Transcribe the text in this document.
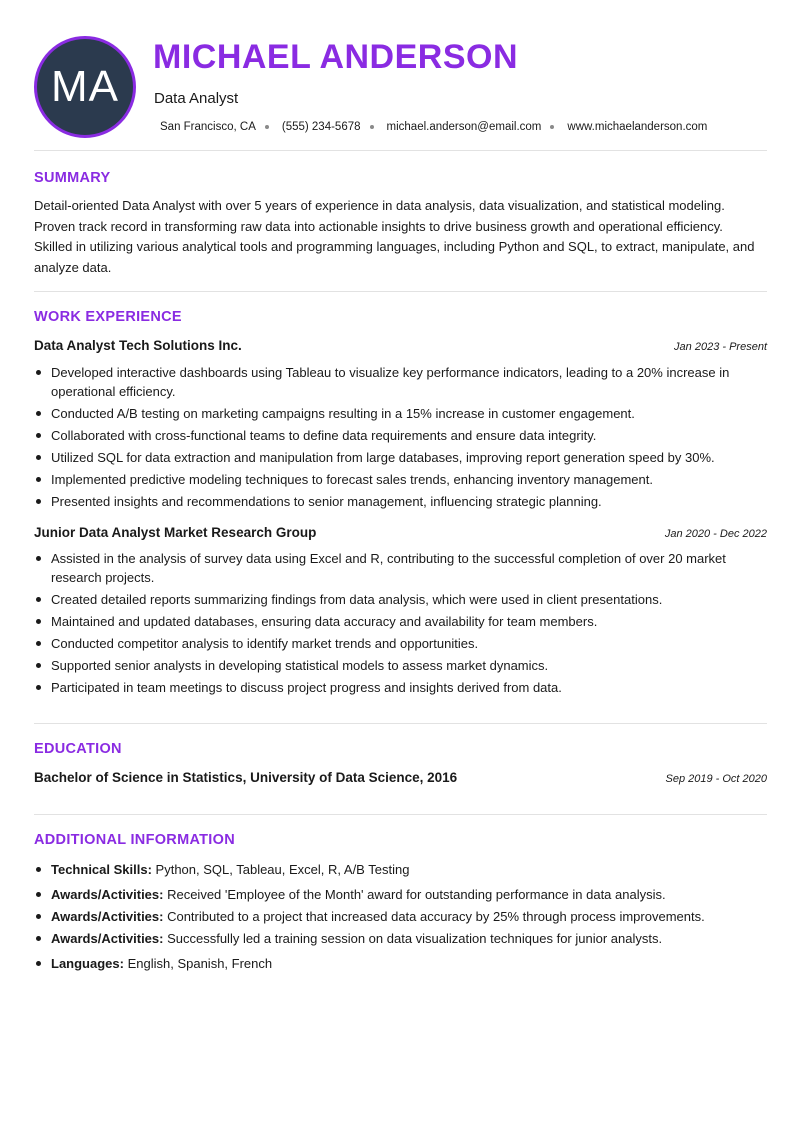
MA
MICHAEL ANDERSON
Data Analyst
San Francisco, CA (555) 234-5678 michael.anderson@email.com www.michaelanderson.com
SUMMARY
Detail-oriented Data Analyst with over 5 years of experience in data analysis, data visualization, and statistical modeling. Proven track record in transforming raw data into actionable insights to drive business growth and operational efficiency. Skilled in utilizing various analytical tools and programming languages, including Python and SQL, to extract, manipulate, and analyze data.
WORK EXPERIENCE
Data Analyst Tech Solutions Inc.	Jan 2023 - Present
Developed interactive dashboards using Tableau to visualize key performance indicators, leading to a 20% increase in operational efficiency.
Conducted A/B testing on marketing campaigns resulting in a 15% increase in customer engagement.
Collaborated with cross-functional teams to define data requirements and ensure data integrity.
Utilized SQL for data extraction and manipulation from large databases, improving report generation speed by 30%.
Implemented predictive modeling techniques to forecast sales trends, enhancing inventory management.
Presented insights and recommendations to senior management, influencing strategic planning.
Junior Data Analyst Market Research Group	Jan 2020 - Dec 2022
Assisted in the analysis of survey data using Excel and R, contributing to the successful completion of over 20 market research projects.
Created detailed reports summarizing findings from data analysis, which were used in client presentations.
Maintained and updated databases, ensuring data accuracy and availability for team members.
Conducted competitor analysis to identify market trends and opportunities.
Supported senior analysts in developing statistical models to assess market dynamics.
Participated in team meetings to discuss project progress and insights derived from data.
EDUCATION
Bachelor of Science in Statistics, University of Data Science, 2016	Sep 2019 - Oct 2020
ADDITIONAL INFORMATION
Technical Skills: Python, SQL, Tableau, Excel, R, A/B Testing
Awards/Activities: Received 'Employee of the Month' award for outstanding performance in data analysis.
Awards/Activities: Contributed to a project that increased data accuracy by 25% through process improvements.
Awards/Activities: Successfully led a training session on data visualization techniques for junior analysts.
Languages: English, Spanish, French
